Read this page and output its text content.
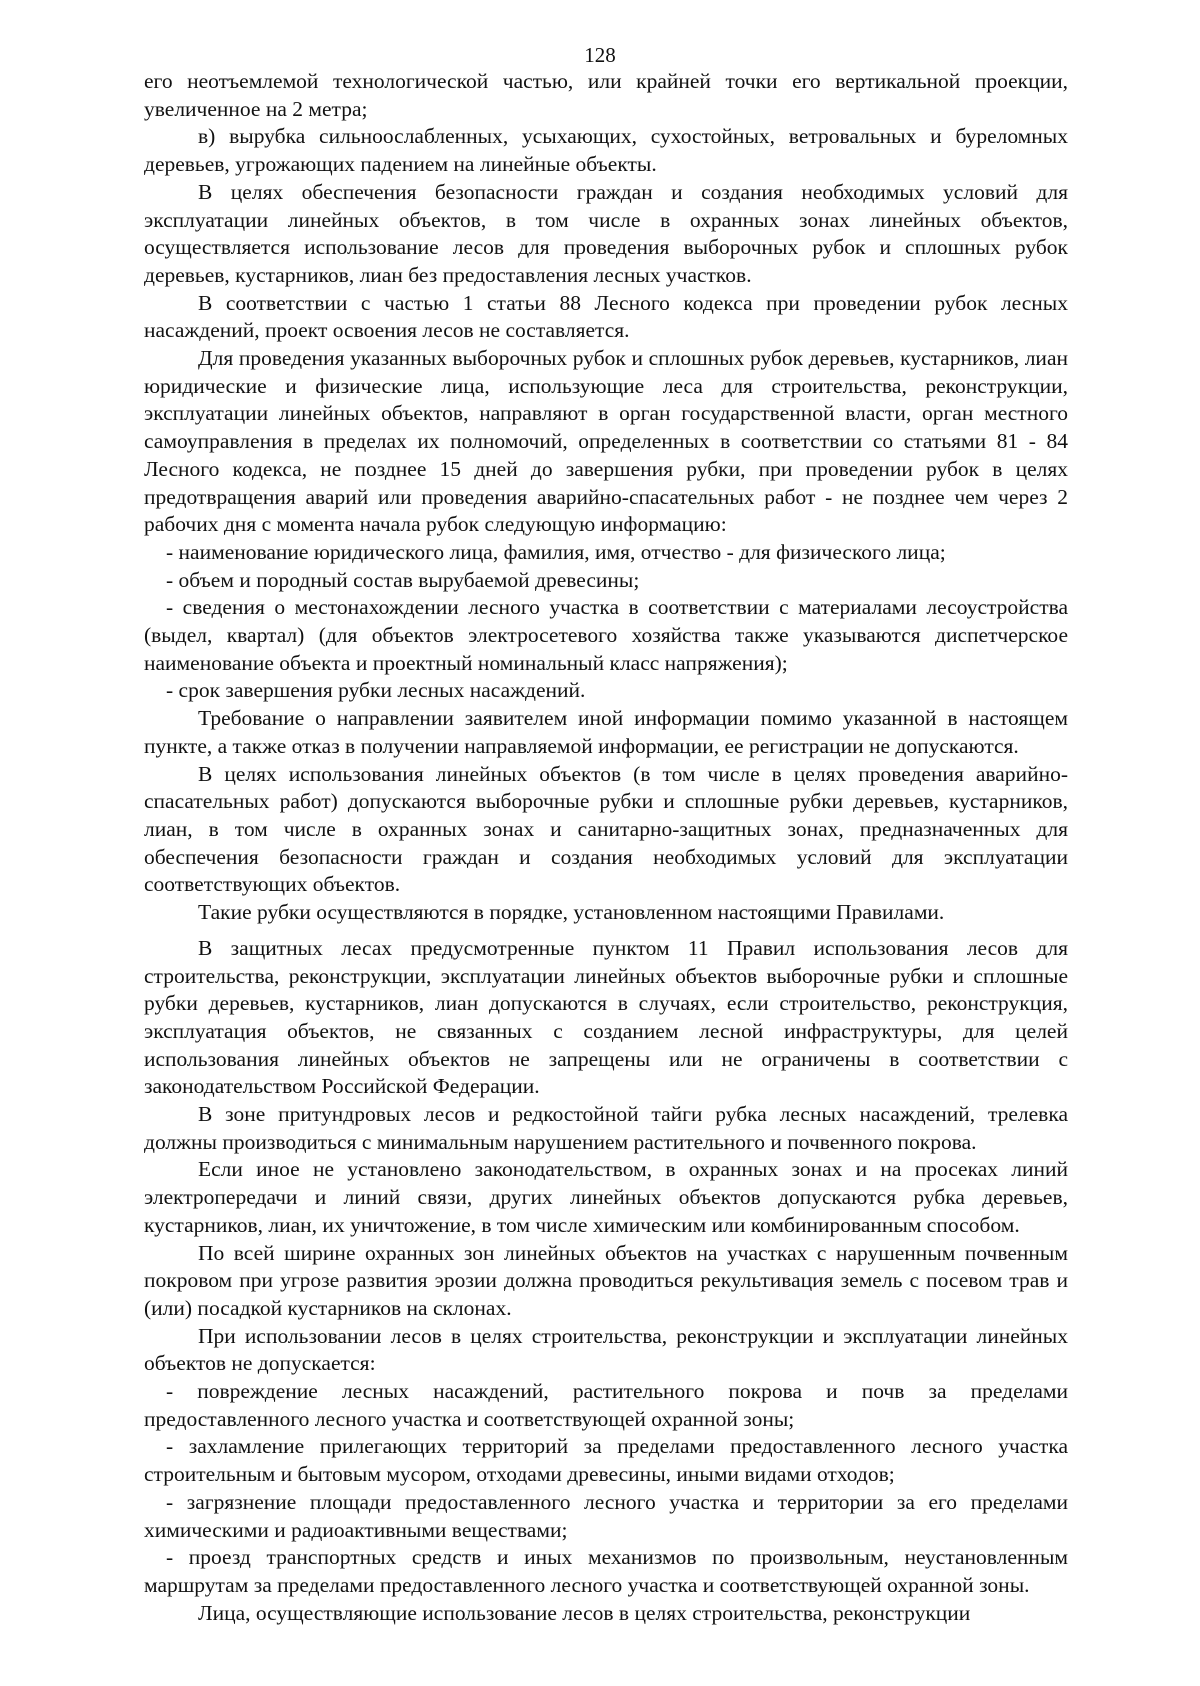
128

его неотъемлемой технологической частью, или крайней точки его вертикальной проекции, увеличенное на 2 метра;

в) вырубка сильноослабленных, усыхающих, сухостойных, ветровальных и буреломных деревьев, угрожающих падением на линейные объекты.

В целях обеспечения безопасности граждан и создания необходимых условий для эксплуатации линейных объектов, в том числе в охранных зонах линейных объектов, осуществляется использование лесов для проведения выборочных рубок и сплошных рубок деревьев, кустарников, лиан без предоставления лесных участков.

В соответствии с частью 1 статьи 88 Лесного кодекса при проведении рубок лесных насаждений, проект освоения лесов не составляется.

Для проведения указанных выборочных рубок и сплошных рубок деревьев, кустарников, лиан юридические и физические лица, использующие леса для строительства, реконструкции, эксплуатации линейных объектов, направляют в орган государственной власти, орган местного самоуправления в пределах их полномочий, определенных в соответствии со статьями 81 - 84 Лесного кодекса, не позднее 15 дней до завершения рубки, при проведении рубок в целях предотвращения аварий или проведения аварийно-спасательных работ - не позднее чем через 2 рабочих дня с момента начала рубок следующую информацию:

- наименование юридического лица, фамилия, имя, отчество - для физического лица;

- объем и породный состав вырубаемой древесины;

- сведения о местонахождении лесного участка в соответствии с материалами лесоустройства (выдел, квартал) (для объектов электросетевого хозяйства также указываются диспетчерское наименование объекта и проектный номинальный класс напряжения);

- срок завершения рубки лесных насаждений.

Требование о направлении заявителем иной информации помимо указанной в настоящем пункте, а также отказ в получении направляемой информации, ее регистрации не допускаются.

В целях использования линейных объектов (в том числе в целях проведения аварийно-спасательных работ) допускаются выборочные рубки и сплошные рубки деревьев, кустарников, лиан, в том числе в охранных зонах и санитарно-защитных зонах, предназначенных для обеспечения безопасности граждан и создания необходимых условий для эксплуатации соответствующих объектов.

Такие рубки осуществляются в порядке, установленном настоящими Правилами.

В защитных лесах предусмотренные пунктом 11 Правил использования лесов для строительства, реконструкции, эксплуатации линейных объектов выборочные рубки и сплошные рубки деревьев, кустарников, лиан допускаются в случаях, если строительство, реконструкция, эксплуатация объектов, не связанных с созданием лесной инфраструктуры, для целей использования линейных объектов не запрещены или не ограничены в соответствии с законодательством Российской Федерации.

В зоне притундровых лесов и редкостойной тайги рубка лесных насаждений, трелевка должны производиться с минимальным нарушением растительного и почвенного покрова.

Если иное не установлено законодательством, в охранных зонах и на просеках линий электропередачи и линий связи, других линейных объектов допускаются рубка деревьев, кустарников, лиан, их уничтожение, в том числе химическим или комбинированным способом.

По всей ширине охранных зон линейных объектов на участках с нарушенным почвенным покровом при угрозе развития эрозии должна проводиться рекультивация земель с посевом трав и (или) посадкой кустарников на склонах.

При использовании лесов в целях строительства, реконструкции и эксплуатации линейных объектов не допускается:

- повреждение лесных насаждений, растительного покрова и почв за пределами предоставленного лесного участка и соответствующей охранной зоны;

- захламление прилегающих территорий за пределами предоставленного лесного участка строительным и бытовым мусором, отходами древесины, иными видами отходов;

- загрязнение площади предоставленного лесного участка и территории за его пределами химическими и радиоактивными веществами;

- проезд транспортных средств и иных механизмов по произвольным, неустановленным маршрутам за пределами предоставленного лесного участка и соответствующей охранной зоны.

Лица, осуществляющие использование лесов в целях строительства, реконструкции
